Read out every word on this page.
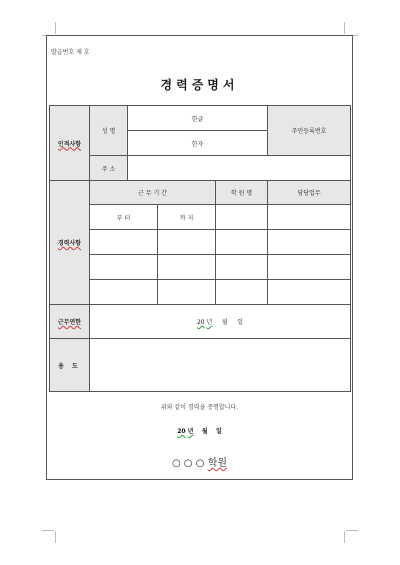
발급번호 제 호
경력증명서
인적사항	성 명	한글			주민등록번호
		한자			
	주 소				
경력사항	근 무 기 간			학 원 명	담당업무
	부 터		까 지		

근무연한	20 년 월 일				
용 도					
위와 같이 경력을 증명합니다.
20 년 월 일
○ ○ ○ 학원
